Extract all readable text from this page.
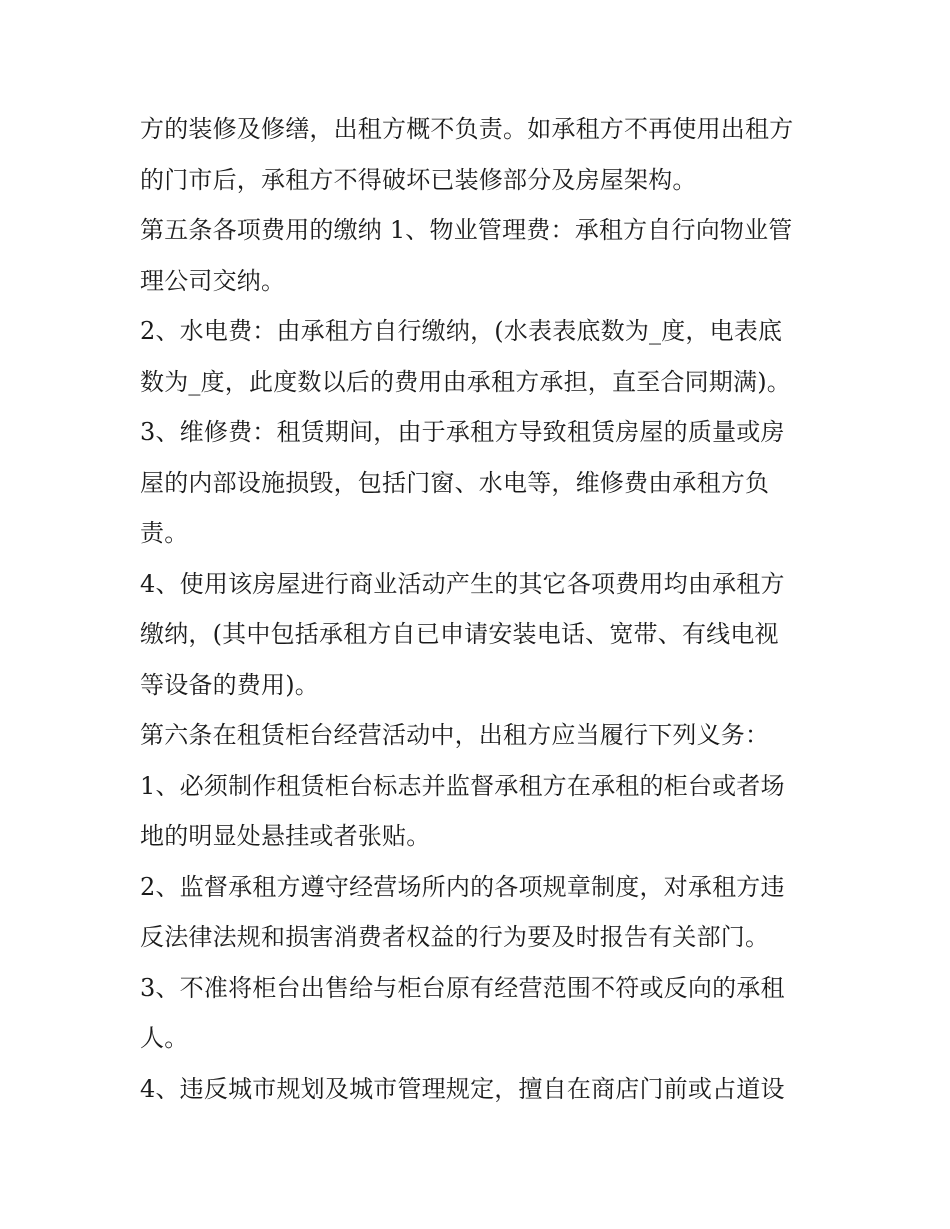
方的装修及修缮，出租方概不负责。如承租方不再使用出租方
的门市后，承租方不得破坏已装修部分及房屋架构。
第五条各项费用的缴纳 1、物业管理费：承租方自行向物业管
理公司交纳。
2、水电费：由承租方自行缴纳，(水表表底数为_度，电表底
数为_度，此度数以后的费用由承租方承担，直至合同期满)。
3、维修费：租赁期间，由于承租方导致租赁房屋的质量或房
屋的内部设施损毁，包括门窗、水电等，维修费由承租方负
责。
4、使用该房屋进行商业活动产生的其它各项费用均由承租方
缴纳，(其中包括承租方自已申请安装电话、宽带、有线电视
等设备的费用)。
第六条在租赁柜台经营活动中，出租方应当履行下列义务：
1、必须制作租赁柜台标志并监督承租方在承租的柜台或者场
地的明显处悬挂或者张贴。
2、监督承租方遵守经营场所内的各项规章制度，对承租方违
反法律法规和损害消费者权益的行为要及时报告有关部门。
3、不准将柜台出售给与柜台原有经营范围不符或反向的承租
人。
4、违反城市规划及城市管理规定，擅自在商店门前或占道设
